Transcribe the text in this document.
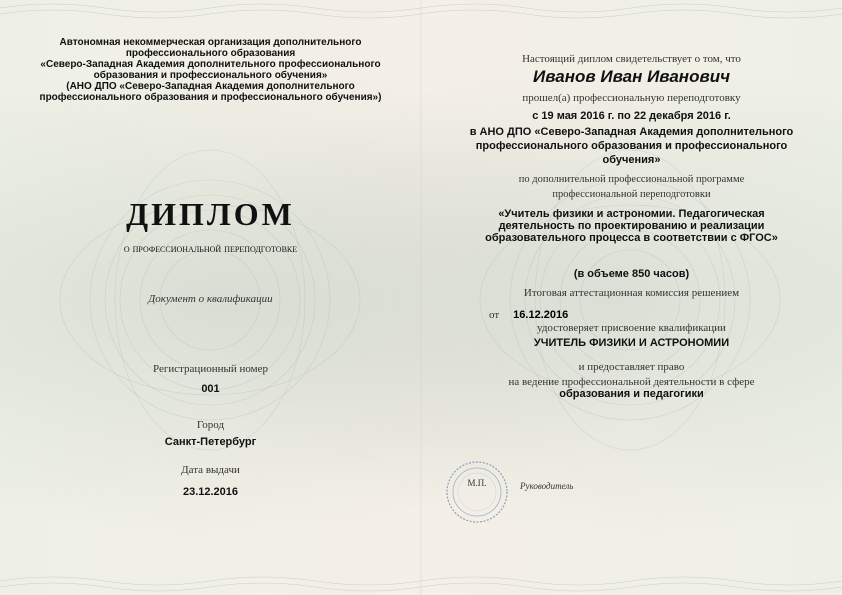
Автономная некоммерческая организация дополнительного
профессионального образования
«Северо-Западная Академия дополнительного профессионального
образования и профессионального обучения»
(АНО ДПО «Северо-Западная Академия дополнительного
профессионального образования и профессионального обучения»)
ДИПЛОМ
о профессиональной переподготовке
Документ о квалификации
Регистрационный номер
001
Город
Санкт-Петербург
Дата выдачи
23.12.2016
Настоящий диплом свидетельствует о том, что
Иванов Иван Иванович
прошел(а) профессиональную переподготовку
с 19 мая 2016 г. по 22 декабря 2016 г.
в АНО ДПО «Северо-Западная Академия дополнительного
профессионального образования и профессионального
обучения»
по дополнительной профессиональной программе
профессиональной переподготовки
«Учитель физики и астрономии. Педагогическая
деятельность по проектированию и реализации
образовательного процесса в соответствии с ФГОС»
(в объеме 850 часов)
Итоговая аттестационная комиссия решением
от 16.12.2016
удостоверяет присвоение квалификации
УЧИТЕЛЬ ФИЗИКИ И АСТРОНОМИИ
и предоставляет право
на ведение профессиональной деятельности в сфере
образования и педагогики
М.П.	Руководитель
